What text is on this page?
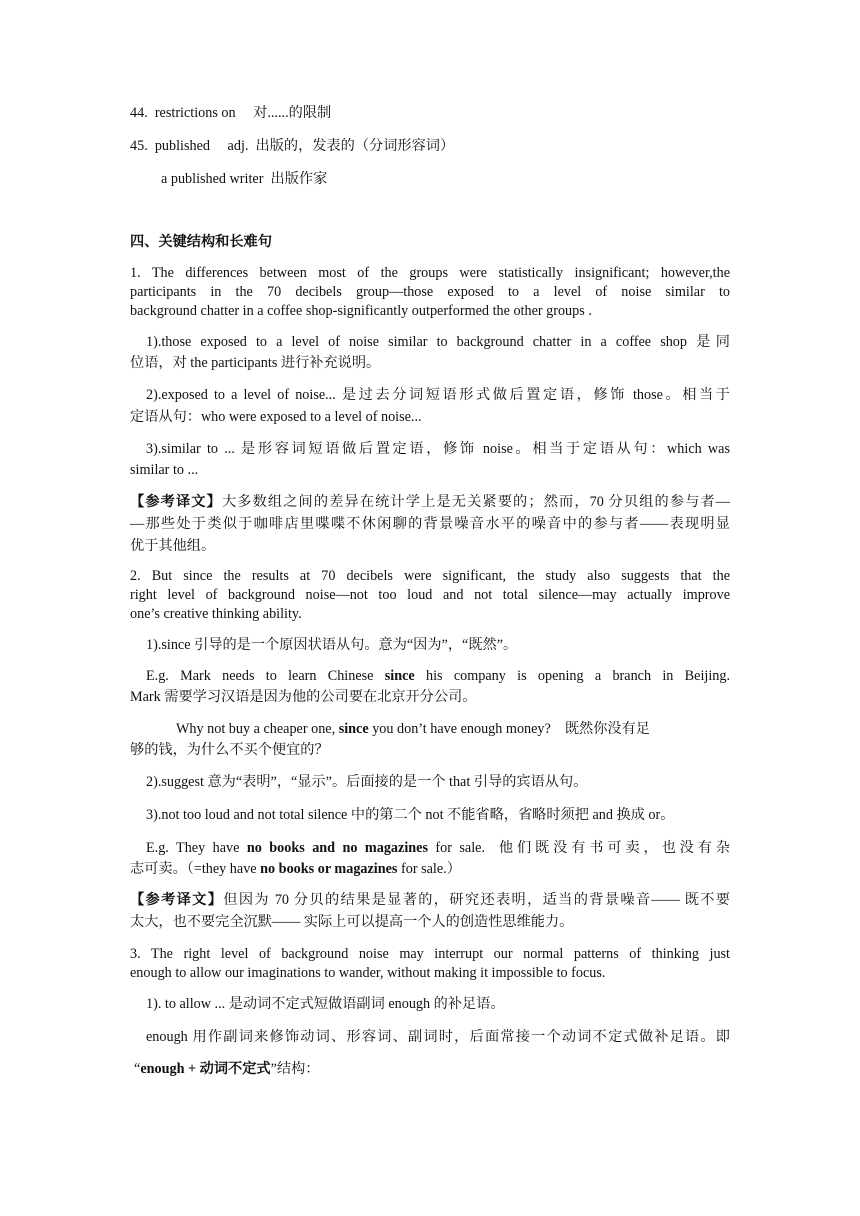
44. restrictions on 对......的限制
45. published adj. 出版的，发表的（分词形容词）
a published writer 出版作家
四、关键结构和长难句
1. The differences between most of the groups were statistically insignificant; however,the
participants in the 70 decibels group—those exposed to a level of noise similar to
background chatter in a coffee shop-significantly outperformed the other groups .
1).those exposed to a level of noise similar to background chatter in a coffee shop 是同
位语，对 the participants 进行补充说明。
2).exposed to a level of noise... 是过去分词短语形式做后置定语，修饰 those。相当于
定语从句：who were exposed to a level of noise...
3).similar to ... 是形容词短语做后置定语，修饰 noise。相当于定语从句：which was
similar to ...
【参考译文】大多数组之间的差异在统计学上是无关紧要的；然而，70 分贝组的参与者—
—那些处于类似于咖啡店里喋喋不休闲聊的背景噪音水平的噪音中的参与者——表现明显
优于其他组。
2. But since the results at 70 decibels were significant, the study also suggests that the
right level of background noise—not too loud and not total silence—may actually improve
one’s creative thinking ability.
1).since 引导的是一个原因状语从句。意为“因为”，“既然”。
E.g. Mark needs to learn Chinese since his company is opening a branch in Beijing.
Mark 需要学习汉语是因为他的公司要在北京开分公司。
Why not buy a cheaper one, since you don’t have enough money? 既然你没有足
够的钱，为什么不买个便宜的？
2).suggest 意为“表明”，“显示”。后面接的是一个 that 引导的宾语从句。
3).not too loud and not total silence 中的第二个 not 不能省略，省略时须把 and 换成 or。
E.g. They have no books and no magazines for sale. 他们既没有书可卖，也没有杂
志可卖。（=they have no books or magazines for sale.）
【参考译文】但因为 70 分贝的结果是显著的，研究还表明，适当的背景噪音—— 既不要
太大，也不要完全沉默—— 实际上可以提高一个人的创造性思维能力。
3. The right level of background noise may interrupt our normal patterns of thinking just
enough to allow our imaginations to wander, without making it impossible to focus.
1). to allow ... 是动词不定式短做语副词 enough 的补足语。
enough 用作副词来修饰动词、形容词、副词时，后面常接一个动词不定式做补足语。即
“enough + 动词不定式”结构：
